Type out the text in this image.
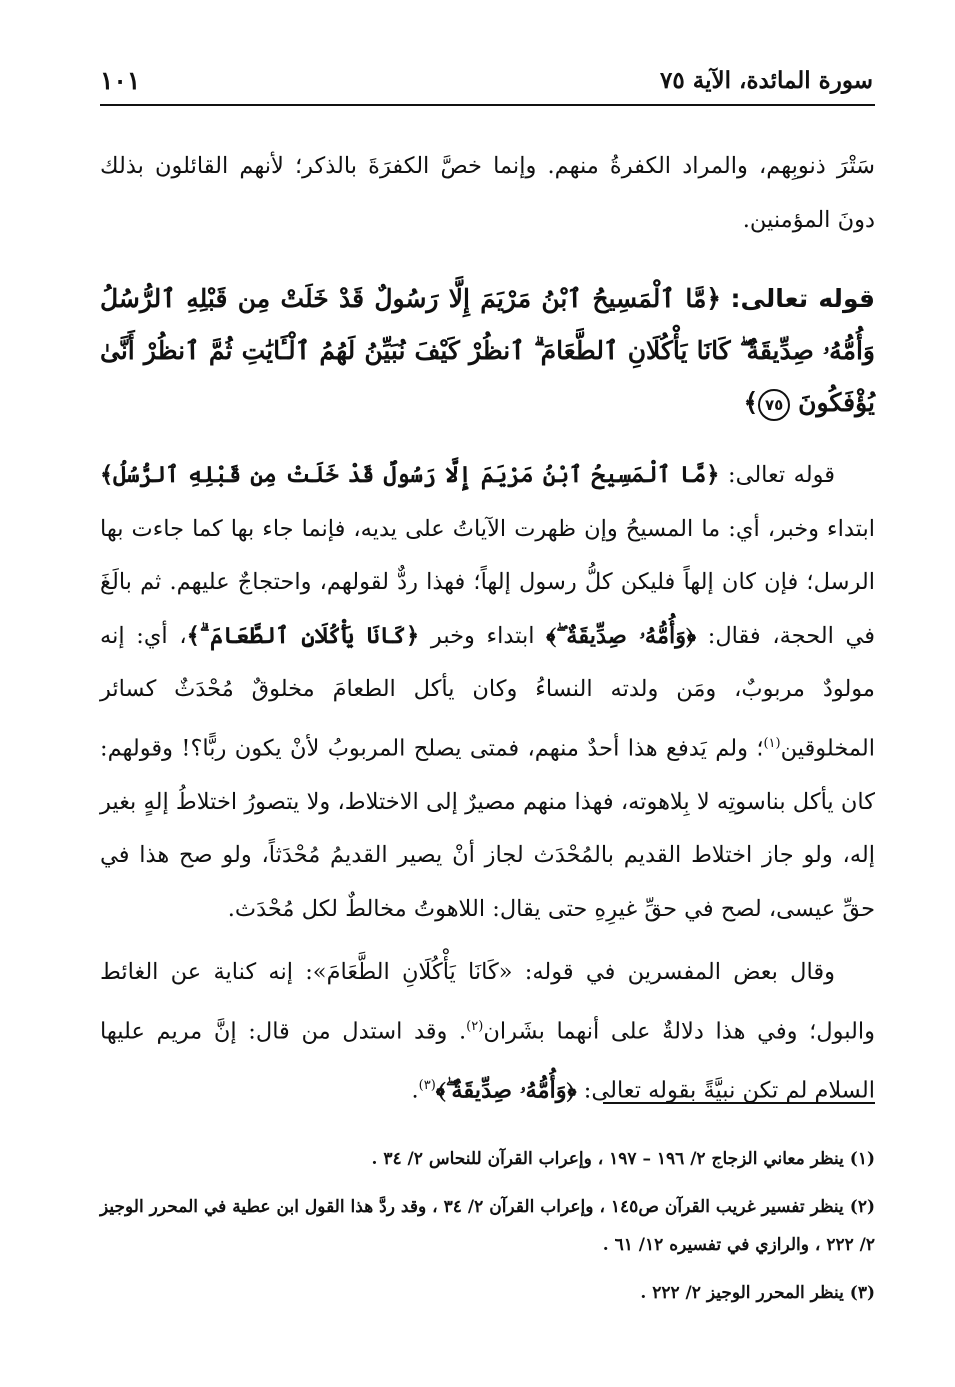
سورة المائدة، الآية ٧٥
١٠١

سَتْرَ ذنوبِهم، والمراد الكفرةُ منهم. وإنما خصَّ الكفرَةَ بالذكر؛ لأنهم القائلون بذلك دونَ المؤمنين.

قوله تعالى: ﴿مَّا ٱلْمَسِيحُ ٱبْنُ مَرْيَمَ إِلَّا رَسُولٌ قَدْ خَلَتْ مِن قَبْلِهِ ٱلرُّسُلُ وَأُمُّهُۥ صِدِّيقَةٌ ۖ كَانَا يَأْكُلَانِ ٱلطَّعَامَ ۗ ٱنظُرْ كَيْفَ نُبَيِّنُ لَهُمُ ٱلْـَٔايَٰتِ ثُمَّ ٱنظُرْ أَنَّىٰ يُؤْفَكُونَ ٧٥﴾

قوله تعالى: ﴿مَّا ٱلْمَسِيحُ ٱبْنُ مَرْيَمَ إِلَّا رَسُولٌ قَدْ خَلَتْ مِن قَبْلِهِ ٱلرُّسُلُ﴾ ابتداء وخبر، أي: ما المسيحُ وإن ظهرت الآياتُ على يديه، فإنما جاء بها كما جاءت بها الرسل؛ فإن كان إلهاً فليكن كلُّ رسول إلهاً؛ فهذا ردٌّ لقولهم، واحتجاجٌ عليهم. ثم بالَغَ في الحجة، فقال: ﴿وَأُمُّهُۥ صِدِّيقَةٌ ۖ﴾ ابتداء وخبر ﴿كَانَا يَأْكُلَانِ ٱلطَّعَامَ ۗ﴾، أي: إنه مولودٌ مربوبٌ، ومَن ولدته النساءُ وكان يأكل الطعامَ مخلوقٌ مُحْدَثٌ كسائر المخلوقين$^{(١)}$؛ ولم يَدفع هذا أحدٌ منهم، فمتى يصلح المربوبُ لأنْ يكون ربًّا؟! وقولهم: كان يأكل بناسوتِه لا بِلاهوته، فهذا منهم مصيرٌ إلى الاختلاط، ولا يتصورُ اختلاطُ إلهٍ بغير إله، ولو جاز اختلاط القديم بالمُحْدَث لجاز أنْ يصير القديمُ مُحْدَثاً، ولو صح هذا في حقِّ عيسى، لصح في حقِّ غيرِهِ حتى يقال: اللاهوتُ مخالطٌ لكل مُحْدَث.

وقال بعض المفسرين في قوله: «كَانَا يَأْكُلَانِ الطَّعَامَ»: إنه كناية عن الغائط والبول؛ وفي هذا دلالةٌ على أنهما بشَران$^{(٢)}$. وقد استدل من قال: إنَّ مريم عليها السلام لم تكن نبيَّةً بقوله تعالى: ﴿وَأُمُّهُۥ صِدِّيقَةٌ ۖ﴾$^{(٣)}$.

(١) ينظر معاني الزجاج ٢/ ١٩٦ – ١٩٧ ، وإعراب القرآن للنحاس ٢/ ٣٤ .

(٢) ينظر تفسير غريب القرآن ص١٤٥ ، وإعراب القرآن ٢/ ٣٤ ، وقد ردَّ هذا القول ابن عطية في المحرر الوجيز ٢/ ٢٢٢ ، والرازي في تفسيره ١٢/ ٦١ .

(٣) ينظر المحرر الوجيز ٢/ ٢٢٢ .
